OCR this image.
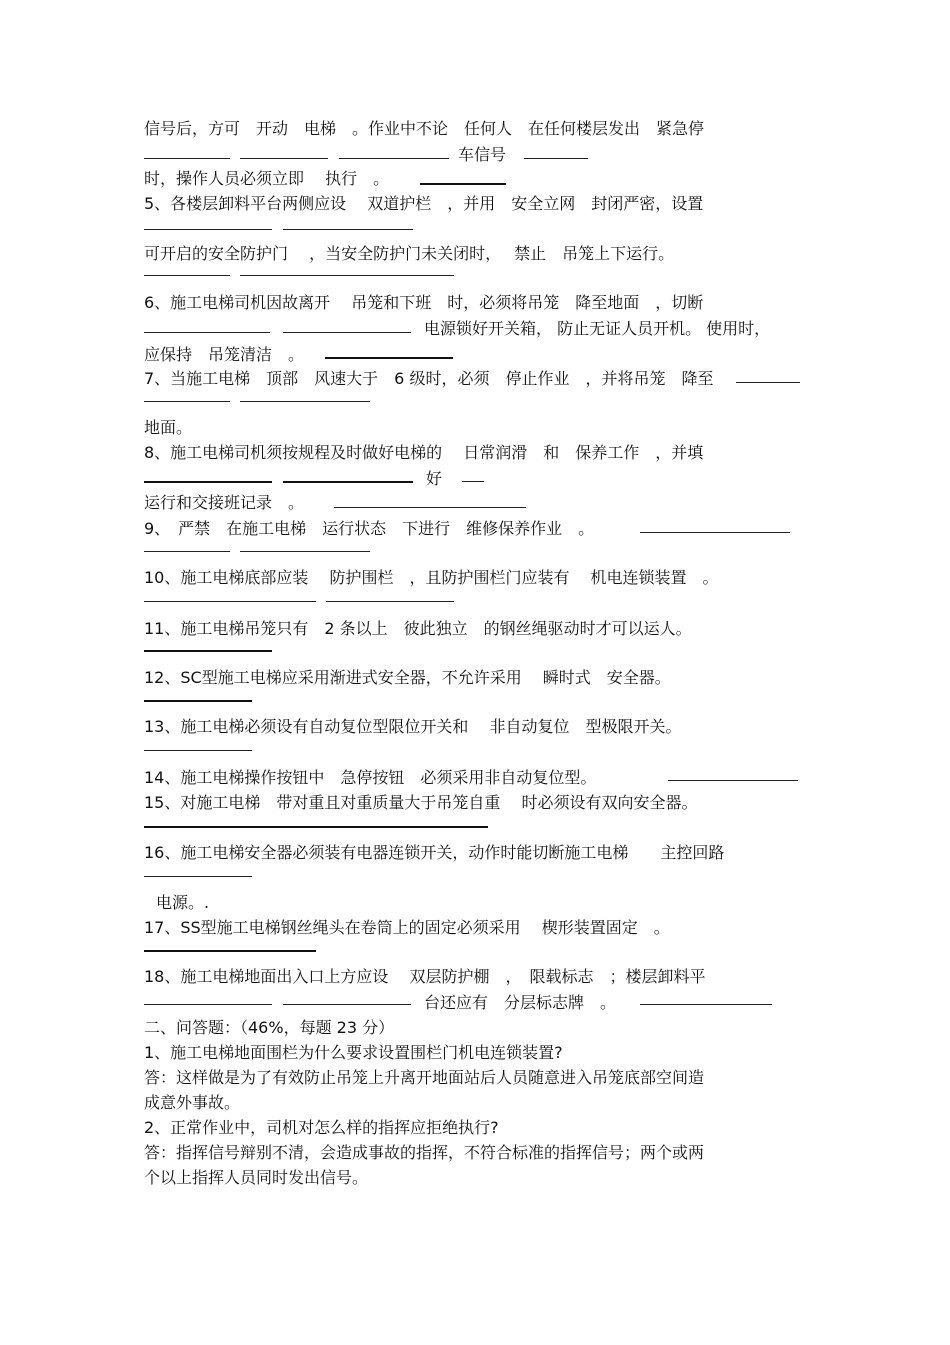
信号后，方可　开动　电梯　。作业中不论　任何人　在任何楼层发出　紧急停
车信号
时，操作人员必须立即　 执行　。
5、各楼层卸料平台两侧应设　 双道护栏　，并用　安全立网　封闭严密，设置
可开启的安全防护门　 ，当安全防护门未关闭时，　 禁止　吊笼上下运行。
6、施工电梯司机因故离开　 吊笼和下班　时，必须将吊笼　降至地面　，切断
电源锁好开关箱， 防止无证人员开机。 使用时，
应保持　吊笼清洁　。
7、当施工电梯　顶部　风速大于　6 级时，必须　停止作业　，并将吊笼　降至
地面。
8、施工电梯司机须按规程及时做好电梯的　 日常润滑　和　保养工作　，并填
好
运行和交接班记录　。
9、　严禁　在施工电梯　运行状态　下进行　维修保养作业　。
10、施工电梯底部应装　 防护围栏　，且防护围栏门应装有　 机电连锁装置　。
11、施工电梯吊笼只有　2 条以上　彼此独立　的钢丝绳驱动时才可以运人。
12、SC型施工电梯应采用渐进式安全器，不允许采用　 瞬时式　安全器。
13、施工电梯必须设有自动复位型限位开关和　 非自动复位　型极限开关。
14、施工电梯操作按钮中　急停按钮　必须采用非自动复位型。
15、对施工电梯　带对重且对重质量大于吊笼自重　 时必须设有双向安全器。
16、施工电梯安全器必须装有电器连锁开关，动作时能切断施工电梯　　主控回路
电源。.
17、SS型施工电梯钢丝绳头在卷筒上的固定必须采用　 楔形装置固定　。
18、施工电梯地面出入口上方应设　 双层防护棚　，　限载标志　；楼层卸料平
台还应有　分层标志牌　。
二、问答题：（46%，每题 23 分）
1、施工电梯地面围栏为什么要求设置围栏门机电连锁装置?
答：这样做是为了有效防止吊笼上升离开地面站后人员随意进入吊笼底部空间造
成意外事故。
2、正常作业中，司机对怎么样的指挥应拒绝执行?
答：指挥信号辩别不清，会造成事故的指挥，不符合标准的指挥信号；两个或两
个以上指挥人员同时发出信号。
